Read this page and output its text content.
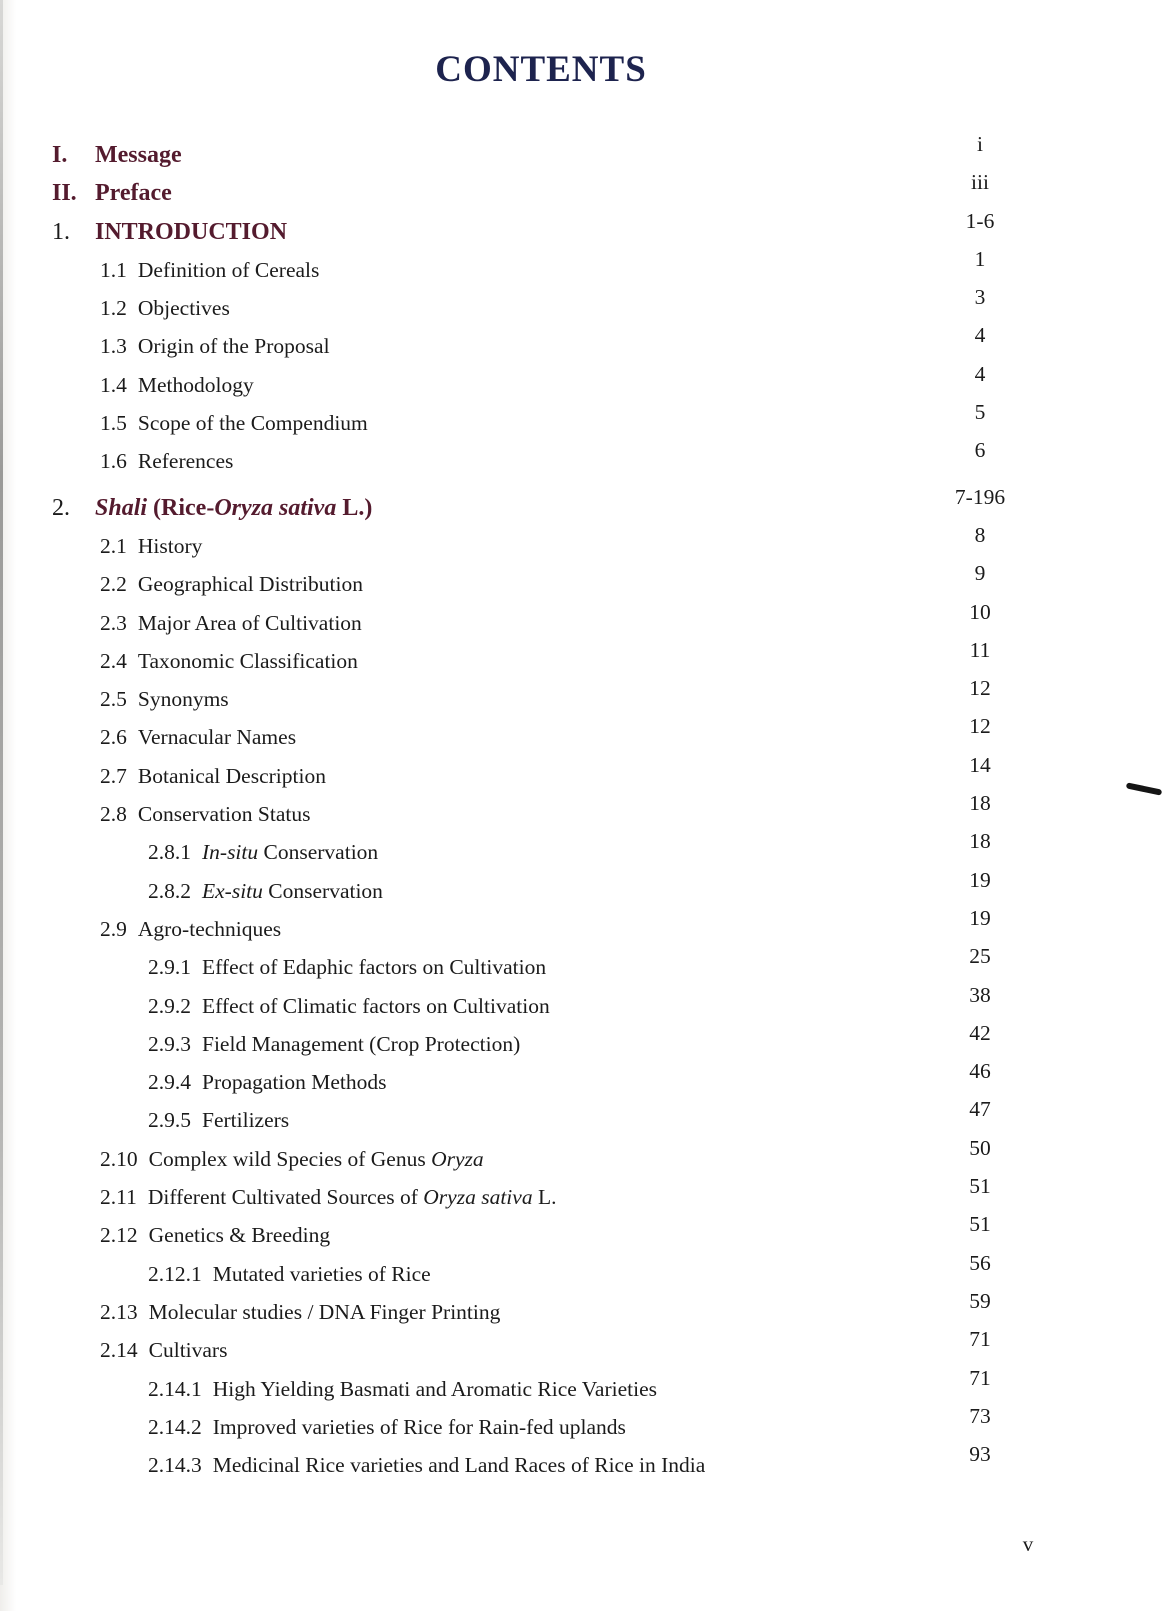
CONTENTS
I. Message	i
II. Preface	iii
1. INTRODUCTION	1-6
1.1 Definition of Cereals	1
1.2 Objectives	3
1.3 Origin of the Proposal	4
1.4 Methodology	4
1.5 Scope of the Compendium	5
1.6 References	6
2. Shali (Rice-Oryza sativa L.)	7-196
2.1 History	8
2.2 Geographical Distribution	9
2.3 Major Area of Cultivation	10
2.4 Taxonomic Classification	11
2.5 Synonyms	12
2.6 Vernacular Names	12
2.7 Botanical Description	14
2.8 Conservation Status	18
2.8.1 In-situ Conservation	18
2.8.2 Ex-situ Conservation	19
2.9 Agro-techniques	19
2.9.1 Effect of Edaphic factors on Cultivation	25
2.9.2 Effect of Climatic factors on Cultivation	38
2.9.3 Field Management (Crop Protection)	42
2.9.4 Propagation Methods	46
2.9.5 Fertilizers	47
2.10 Complex wild Species of Genus Oryza	50
2.11 Different Cultivated Sources of Oryza sativa L.	51
2.12 Genetics & Breeding	51
2.12.1 Mutated varieties of Rice	56
2.13 Molecular studies / DNA Finger Printing	59
2.14 Cultivars	71
2.14.1 High Yielding Basmati and Aromatic Rice Varieties	71
2.14.2 Improved varieties of Rice for Rain-fed uplands	73
2.14.3 Medicinal Rice varieties and Land Races of Rice in India	93
v
